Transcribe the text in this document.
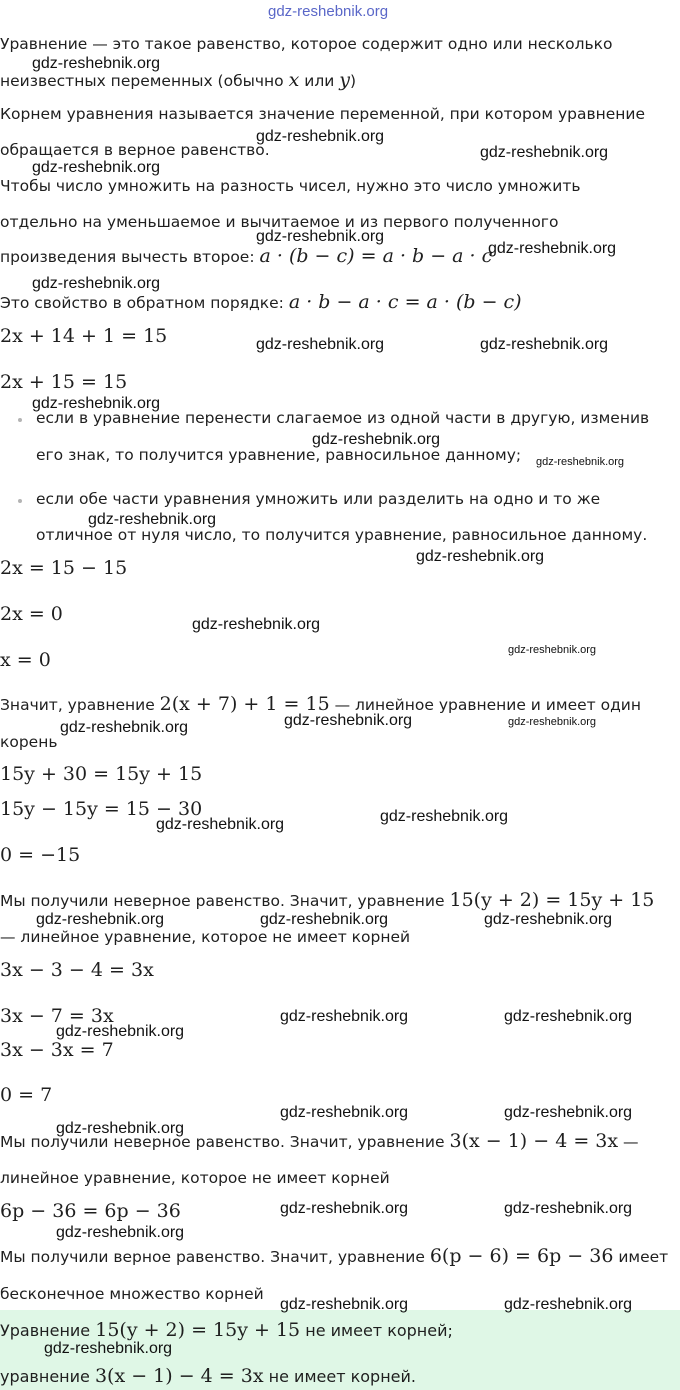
gdz-reshebnik.org
Уравнение — это такое равенство, которое содержит одно или несколько
неизвестных переменных (обычно x или y)
Корнем уравнения называется значение переменной, при котором уравнение
обращается в верное равенство.
Чтобы число умножить на разность чисел, нужно это число умножить
отдельно на уменьшаемое и вычитаемое и из первого полученного
произведения вычесть второе: a · (b − c) = a · b − a · c
Это свойство в обратном порядке: a · b − a · c = a · (b − c)
2x + 14 + 1 = 15
2x + 15 = 15
если в уравнение перенести слагаемое из одной части в другую, изменив
его знак, то получится уравнение, равносильное данному;
если обе части уравнения умножить или разделить на одно и то же
отличное от нуля число, то получится уравнение, равносильное данному.
2x = 15 − 15
2x = 0
x = 0
Значит, уравнение 2(x + 7) + 1 = 15 — линейное уравнение и имеет один
корень
15y + 30 = 15y + 15
15y − 15y = 15 − 30
0 = −15
Мы получили неверное равенство. Значит, уравнение 15(y + 2) = 15y + 15
— линейное уравнение, которое не имеет корней
3x − 3 − 4 = 3x
3x − 7 = 3x
3x − 3x = 7
0 = 7
Мы получили неверное равенство. Значит, уравнение 3(x − 1) − 4 = 3x —
линейное уравнение, которое не имеет корней
6p − 36 = 6p − 36
Мы получили верное равенство. Значит, уравнение 6(p − 6) = 6p − 36 имеет
бесконечное множество корней
Уравнение 15(y + 2) = 15y + 15 не имеет корней;
уравнение 3(x − 1) − 4 = 3x не имеет корней.
gdz-reshebnik.org
gdz-reshebnik.org
gdz-reshebnik.org
gdz-reshebnik.org
gdz-reshebnik.org
gdz-reshebnik.org
gdz-reshebnik.org
gdz-reshebnik.org	gdz-reshebnik.org
gdz-reshebnik.org
gdz-reshebnik.org
gdz-reshebnik.org
gdz-reshebnik.org
gdz-reshebnik.org
gdz-reshebnik.org
gdz-reshebnik.org
gdz-reshebnik.org	gdz-reshebnik.org
gdz-reshebnik.org
gdz-reshebnik.org
gdz-reshebnik.org
gdz-reshebnik.org	gdz-reshebnik.org	gdz-reshebnik.org
gdz-reshebnik.org	gdz-reshebnik.org
gdz-reshebnik.org
gdz-reshebnik.org	gdz-reshebnik.org
gdz-reshebnik.org
gdz-reshebnik.org	gdz-reshebnik.org
gdz-reshebnik.org
gdz-reshebnik.org	gdz-reshebnik.org
gdz-reshebnik.org
